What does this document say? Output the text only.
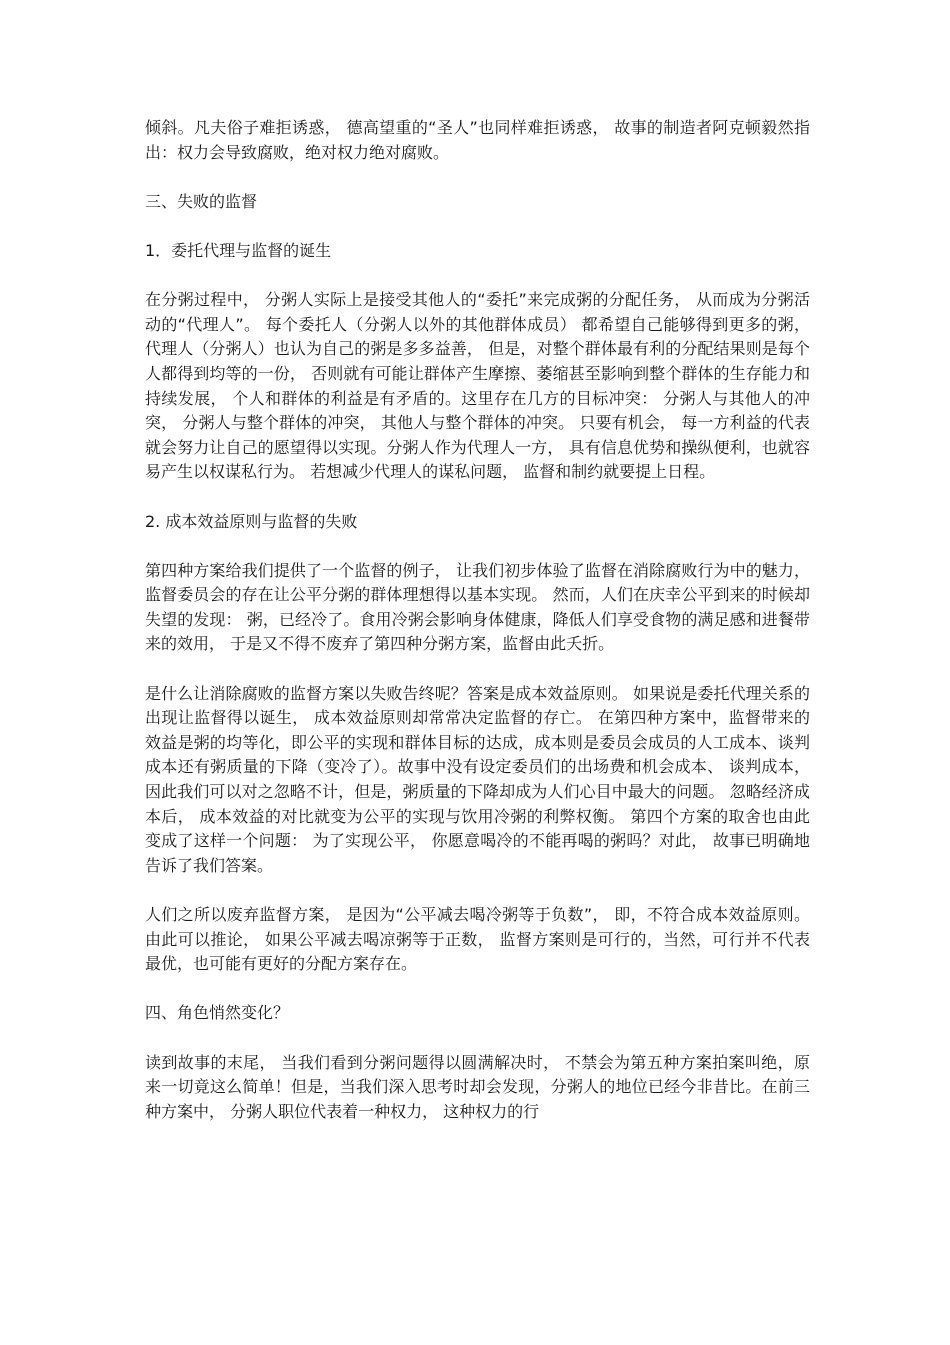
倾斜。凡夫俗子难拒诱惑， 德高望重的“圣人”也同样难拒诱惑， 故事的制造者阿克顿毅然指出：权力会导致腐败，绝对权力绝对腐败。

三、失败的监督

1．委托代理与监督的诞生

在分粥过程中， 分粥人实际上是接受其他人的“委托”来完成粥的分配任务， 从而成为分粥活动的“代理人”。 每个委托人（分粥人以外的其他群体成员） 都希望自己能够得到更多的粥， 代理人（分粥人）也认为自己的粥是多多益善， 但是，对整个群体最有利的分配结果则是每个人都得到均等的一份， 否则就有可能让群体产生摩擦、萎缩甚至影响到整个群体的生存能力和持续发展， 个人和群体的利益是有矛盾的。这里存在几方的目标冲突： 分粥人与其他人的冲突， 分粥人与整个群体的冲突， 其他人与整个群体的冲突。 只要有机会， 每一方利益的代表就会努力让自己的愿望得以实现。分粥人作为代理人一方， 具有信息优势和操纵便利，也就容易产生以权谋私行为。 若想减少代理人的谋私问题， 监督和制约就要提上日程。

2. 成本效益原则与监督的失败

第四种方案给我们提供了一个监督的例子， 让我们初步体验了监督在消除腐败行为中的魅力， 监督委员会的存在让公平分粥的群体理想得以基本实现。 然而，人们在庆幸公平到来的时候却失望的发现： 粥，已经冷了。食用冷粥会影响身体健康，降低人们享受食物的满足感和进餐带来的效用， 于是又不得不废弃了第四种分粥方案，监督由此夭折。

是什么让消除腐败的监督方案以失败告终呢？答案是成本效益原则。 如果说是委托代理关系的出现让监督得以诞生， 成本效益原则却常常决定监督的存亡。 在第四种方案中，监督带来的效益是粥的均等化，即公平的实现和群体目标的达成，成本则是委员会成员的人工成本、谈判成本还有粥质量的下降（变冷了）。故事中没有设定委员们的出场费和机会成本、 谈判成本，因此我们可以对之忽略不计，但是，粥质量的下降却成为人们心目中最大的问题。 忽略经济成本后， 成本效益的对比就变为公平的实现与饮用冷粥的利弊权衡。 第四个方案的取舍也由此变成了这样一个问题： 为了实现公平， 你愿意喝冷的不能再喝的粥吗？对此， 故事已明确地告诉了我们答案。

人们之所以废弃监督方案， 是因为“公平减去喝冷粥等于负数”， 即，不符合成本效益原则。由此可以推论， 如果公平减去喝凉粥等于正数， 监督方案则是可行的，当然，可行并不代表最优，也可能有更好的分配方案存在。

四、角色悄然变化？

读到故事的末尾， 当我们看到分粥问题得以圆满解决时， 不禁会为第五种方案拍案叫绝，原来一切竟这么简单！但是，当我们深入思考时却会发现，分粥人的地位已经今非昔比。在前三种方案中， 分粥人职位代表着一种权力， 这种权力的行
